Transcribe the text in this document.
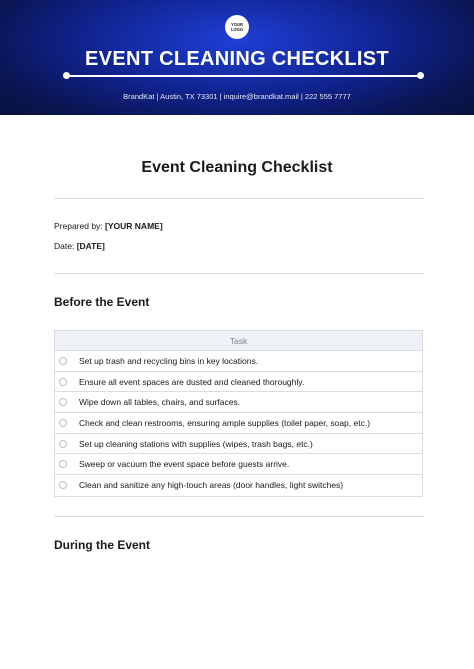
YOUR
LOGO
EVENT CLEANING CHECKLIST
BrandKat | Austin, TX 73301 | inquire@brandkat.mail | 222 555 7777
Event Cleaning Checklist
Prepared by: [YOUR NAME]
Date: [DATE]
Before the Event
Task
Set up trash and recycling bins in key locations.
Ensure all event spaces are dusted and cleaned thoroughly.
Wipe down all tables, chairs, and surfaces.
Check and clean restrooms, ensuring ample supplies (toilet paper, soap, etc.)
Set up cleaning stations with supplies (wipes, trash bags, etc.)
Sweep or vacuum the event space before guests arrive.
Clean and sanitize any high-touch areas (door handles, light switches)
During the Event
